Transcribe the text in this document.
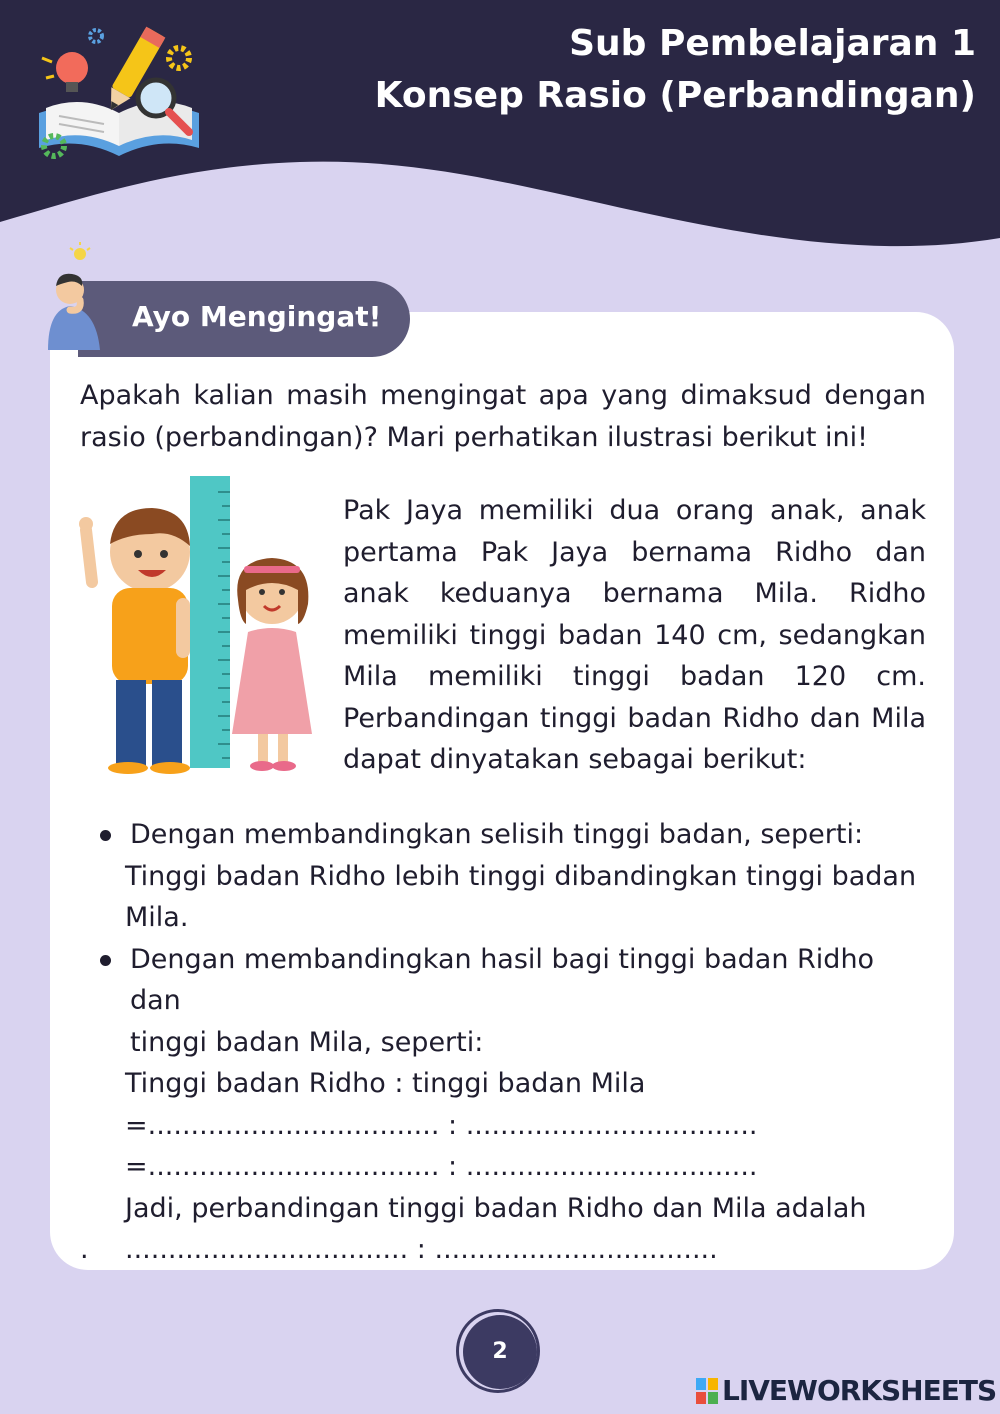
Sub Pembelajaran 1
Konsep Rasio (Perbandingan)
Ayo Mengingat!

Apakah kalian masih mengingat apa yang dimaksud dengan rasio (perbandingan)? Mari perhatikan ilustrasi berikut ini!

Pak Jaya memiliki dua orang anak, anak pertama Pak Jaya bernama Ridho dan anak keduanya bernama Mila. Ridho memiliki tinggi badan 140 cm, sedangkan Mila memiliki tinggi badan 120 cm. Perbandingan tinggi badan Ridho dan Mila dapat dinyatakan sebagai berikut:

Dengan membandingkan selisih tinggi badan, seperti:
Tinggi badan Ridho lebih tinggi dibandingkan tinggi badan Mila.
Dengan membandingkan hasil bagi tinggi badan Ridho dan
tinggi badan Mila, seperti:
Tinggi badan Ridho : tinggi badan Mila
=.................................. : ..................................
=.................................. : ..................................
Jadi, perbandingan tinggi badan Ridho dan Mila adalah
. ................................. : .................................
2
LIVEWORKSHEETS
